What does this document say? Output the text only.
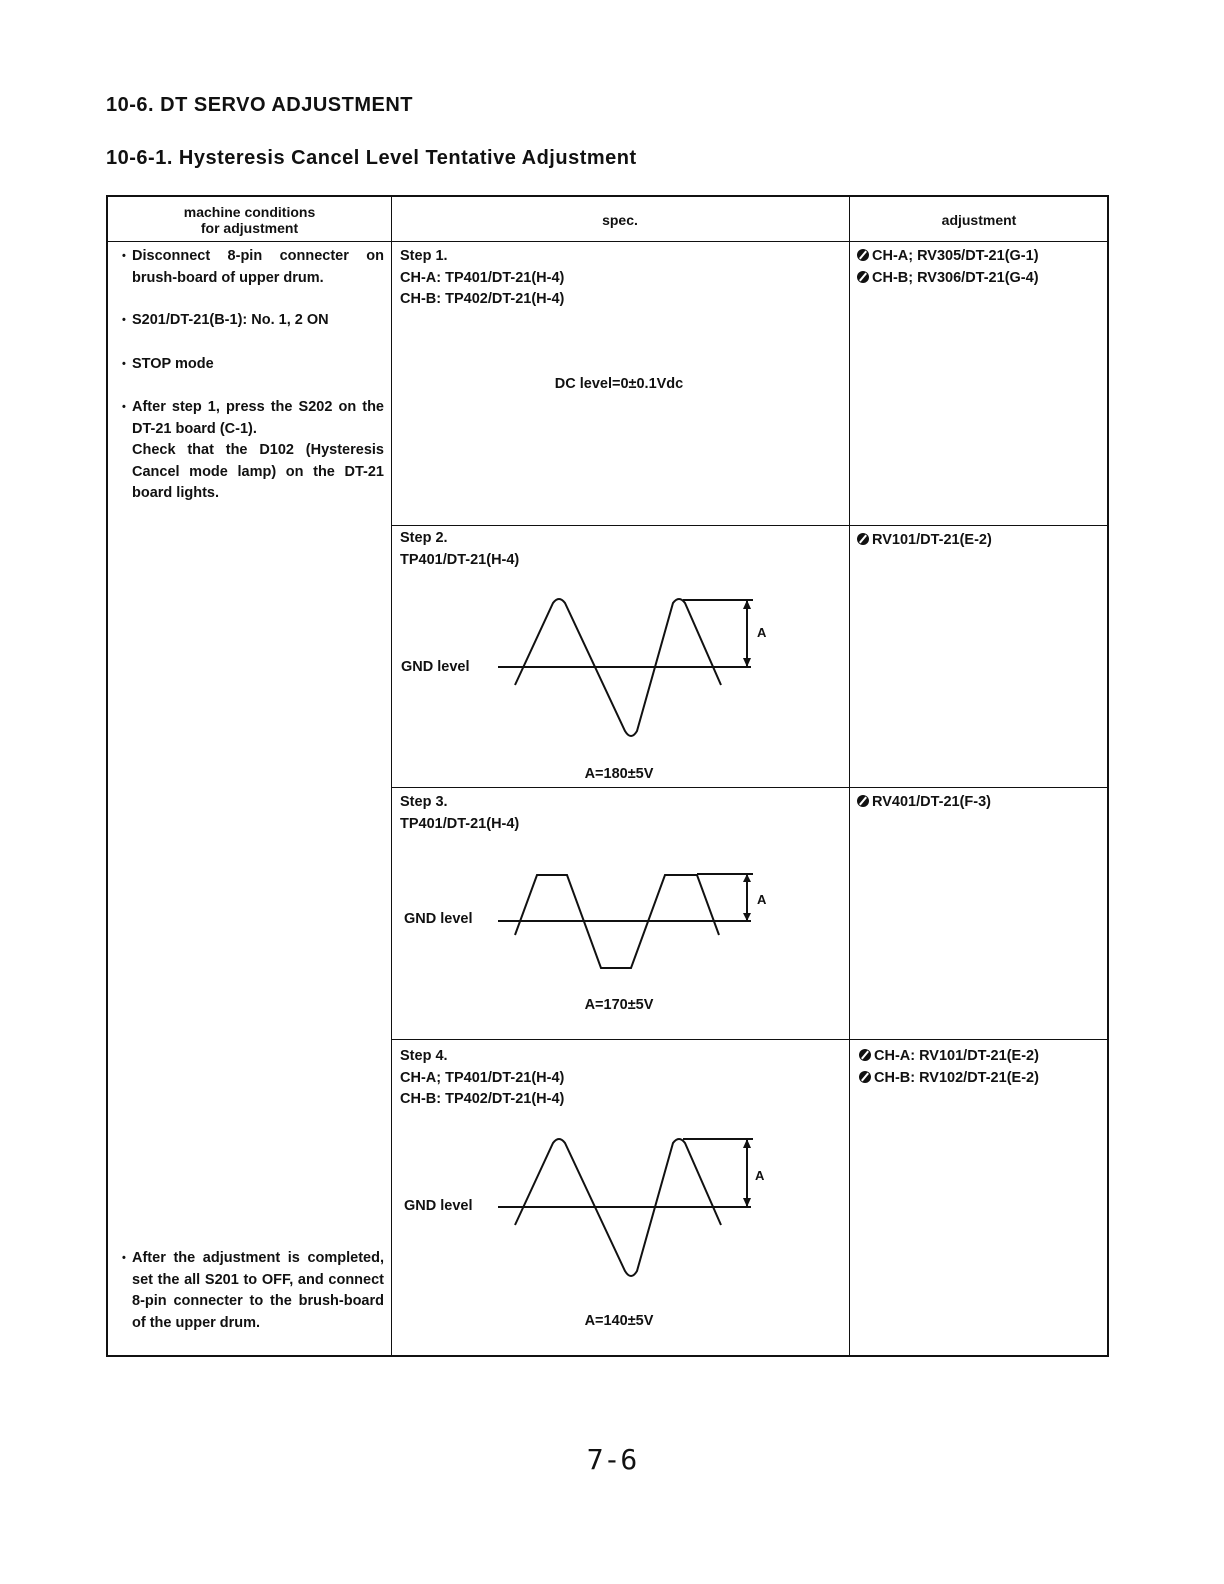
10-6. DT SERVO ADJUSTMENT
10-6-1. Hysteresis Cancel Level Tentative Adjustment
machine conditions
for adjustment	spec.	adjustment
• Disconnect 8-pin connecter on brush-board of upper drum.
• S201/DT-21(B-1): No. 1, 2 ON
• STOP mode
• After step 1, press the S202 on the DT-21 board (C-1).
Check that the D102 (Hysteresis Cancel mode lamp) on the DT-21 board lights.
• After the adjustment is completed, set the all S201 to OFF, and connect 8-pin connecter to the brush-board of the upper drum.
Step 1.
CH-A: TP401/DT-21(H-4)
CH-B: TP402/DT-21(H-4)
DC level=0±0.1Vdc
CH-A; RV305/DT-21(G-1)
CH-B; RV306/DT-21(G-4)
Step 2.
TP401/DT-21(H-4)
GND level
A
A=180±5V
RV101/DT-21(E-2)
Step 3.
TP401/DT-21(H-4)
GND level
A
A=170±5V
RV401/DT-21(F-3)
Step 4.
CH-A; TP401/DT-21(H-4)
CH-B: TP402/DT-21(H-4)
GND level
A
A=140±5V
CH-A: RV101/DT-21(E-2)
CH-B: RV102/DT-21(E-2)
7-6
